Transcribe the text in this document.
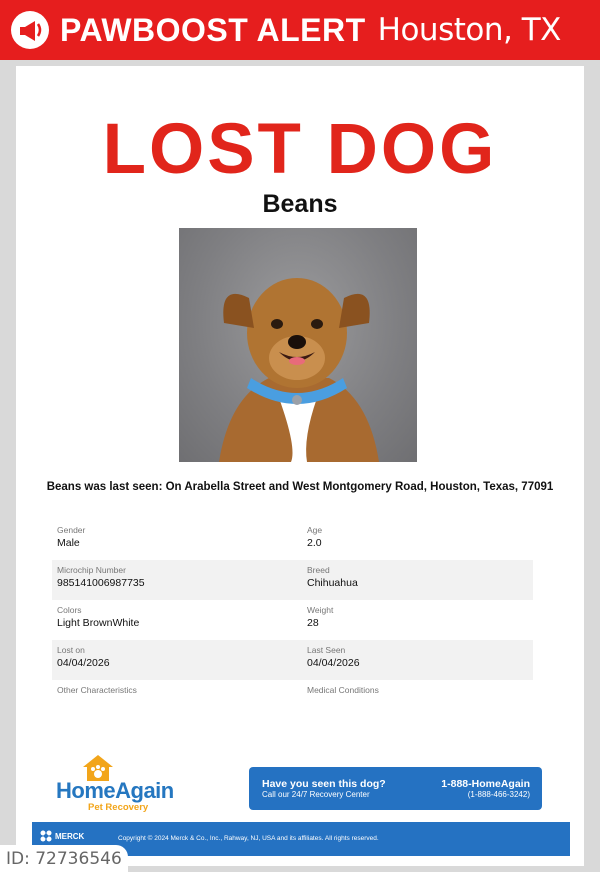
PAWBOOST ALERT Houston, TX
LOST DOG
Beans
Beans was last seen: On Arabella Street and West Montgomery Road, Houston, Texas, 77091
Gender
Male
Age
2.0
Microchip Number
985141006987735
Breed
Chihuahua
Colors
Light BrownWhite
Weight
28
Lost on
04/04/2026
Last Seen
04/04/2026
Other Characteristics	Medical Conditions
HomeAgain
Pet Recovery
Have you seen this dog?
Call our 24/7 Recovery Center
1-888-HomeAgain
(1-888-466-3242)
MERCK	Copyright © 2024 Merck & Co., Inc., Rahway, NJ, USA and its affiliates. All rights reserved.
ID: 72736546
